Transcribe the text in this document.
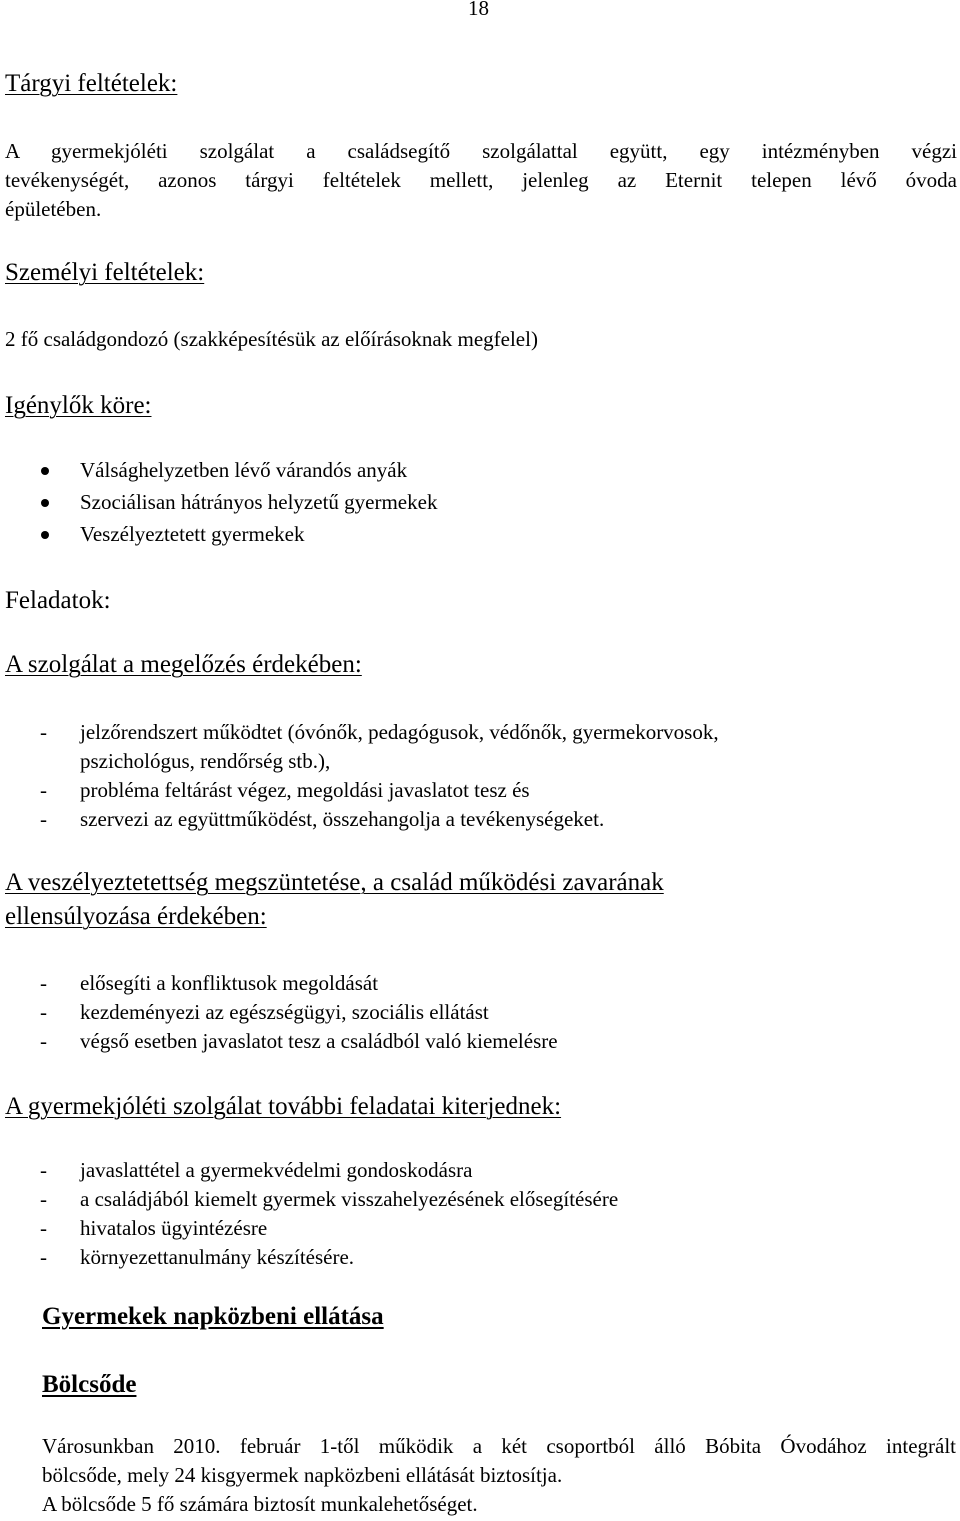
18
Tárgyi feltételek:
A gyermekjóléti szolgálat a családsegítő szolgálattal együtt, egy intézményben végzi
tevékenységét, azonos tárgyi feltételek mellett, jelenleg az Eternit telepen lévő óvoda
épületében.
Személyi feltételek:
2 fő családgondozó (szakképesítésük az előírásoknak megfelel)
Igénylők köre:
Válsághelyzetben lévő várandós anyák
Szociálisan hátrányos helyzetű gyermekek
Veszélyeztetett gyermekek
Feladatok:
A szolgálat a megelőzés érdekében:
- jelzőrendszert működtet (óvónők, pedagógusok, védőnők, gyermekorvosok,
pszichológus, rendőrség stb.),
- probléma feltárást végez, megoldási javaslatot tesz és
- szervezi az együttműködést, összehangolja a tevékenységeket.
A veszélyeztetettség megszüntetése, a család működési zavarának
ellensúlyozása érdekében:
- elősegíti a konfliktusok megoldását
- kezdeményezi az egészségügyi, szociális ellátást
- végső esetben javaslatot tesz a családból való kiemelésre
A gyermekjóléti szolgálat további feladatai kiterjednek:
- javaslattétel a gyermekvédelmi gondoskodásra
- a családjából kiemelt gyermek visszahelyezésének elősegítésére
- hivatalos ügyintézésre
- környezettanulmány készítésére.
Gyermekek napközbeni ellátása
Bölcsőde
Városunkban 2010. február 1-től működik a két csoportból álló Bóbita Óvodához integrált
bölcsőde, mely 24 kisgyermek napközbeni ellátását biztosítja.
A bölcsőde 5 fő számára biztosít munkalehetőséget.
